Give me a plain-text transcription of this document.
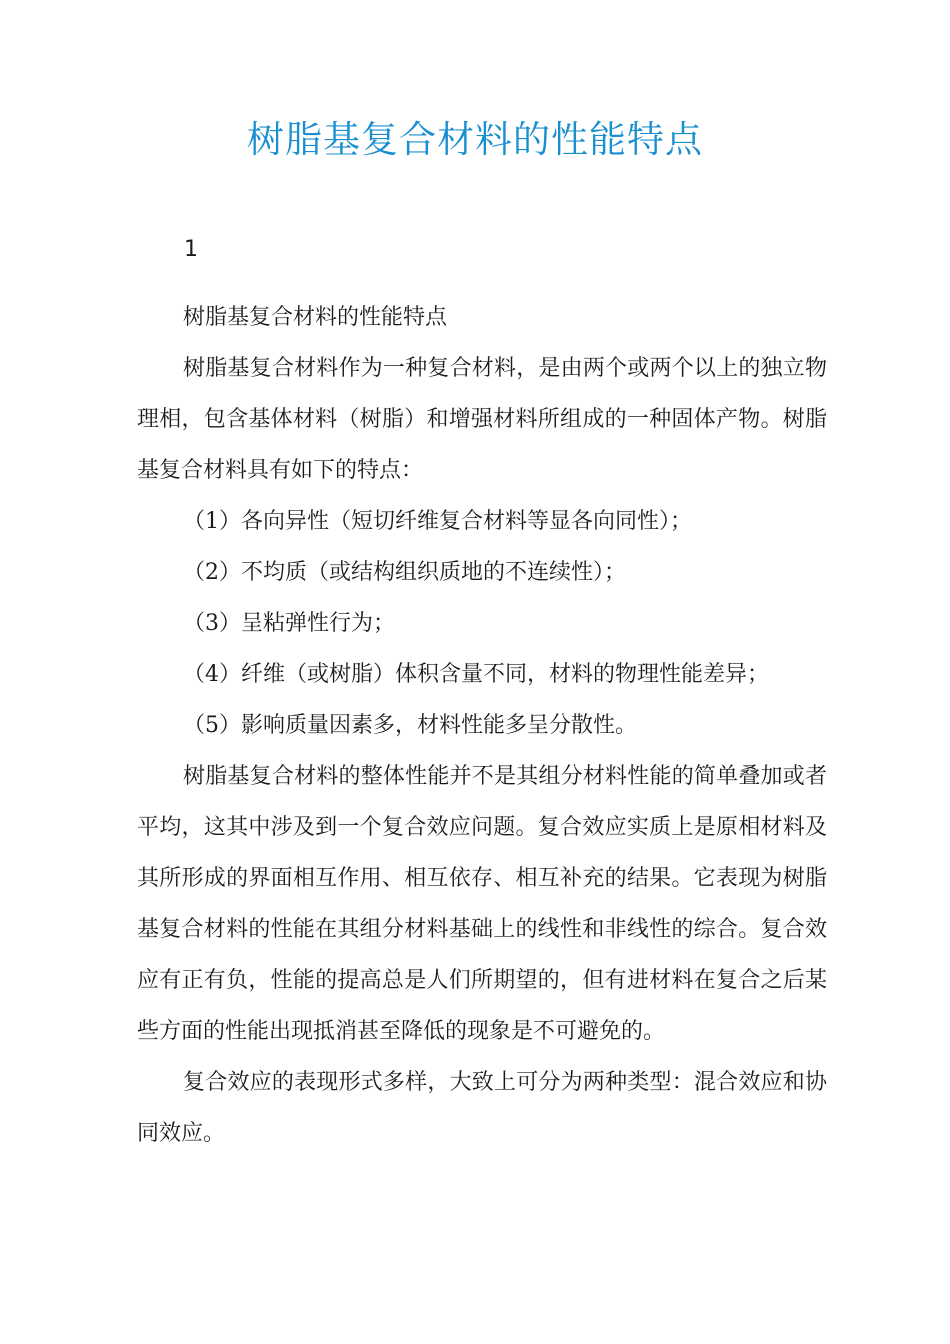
树脂基复合材料的性能特点
1

树脂基复合材料的性能特点

树脂基复合材料作为一种复合材料，是由两个或两个以上的独立物理相，包含基体材料（树脂）和增强材料所组成的一种固体产物。树脂基复合材料具有如下的特点：

（1）各向异性（短切纤维复合材料等显各向同性）；

（2）不均质（或结构组织质地的不连续性）；

（3）呈粘弹性行为；

（4）纤维（或树脂）体积含量不同，材料的物理性能差异；

（5）影响质量因素多，材料性能多呈分散性。

树脂基复合材料的整体性能并不是其组分材料性能的简单叠加或者平均，这其中涉及到一个复合效应问题。复合效应实质上是原相材料及其所形成的界面相互作用、相互依存、相互补充的结果。它表现为树脂基复合材料的性能在其组分材料基础上的线性和非线性的综合。复合效应有正有负，性能的提高总是人们所期望的，但有进材料在复合之后某些方面的性能出现抵消甚至降低的现象是不可避免的。

复合效应的表现形式多样，大致上可分为两种类型：混合效应和协同效应。
